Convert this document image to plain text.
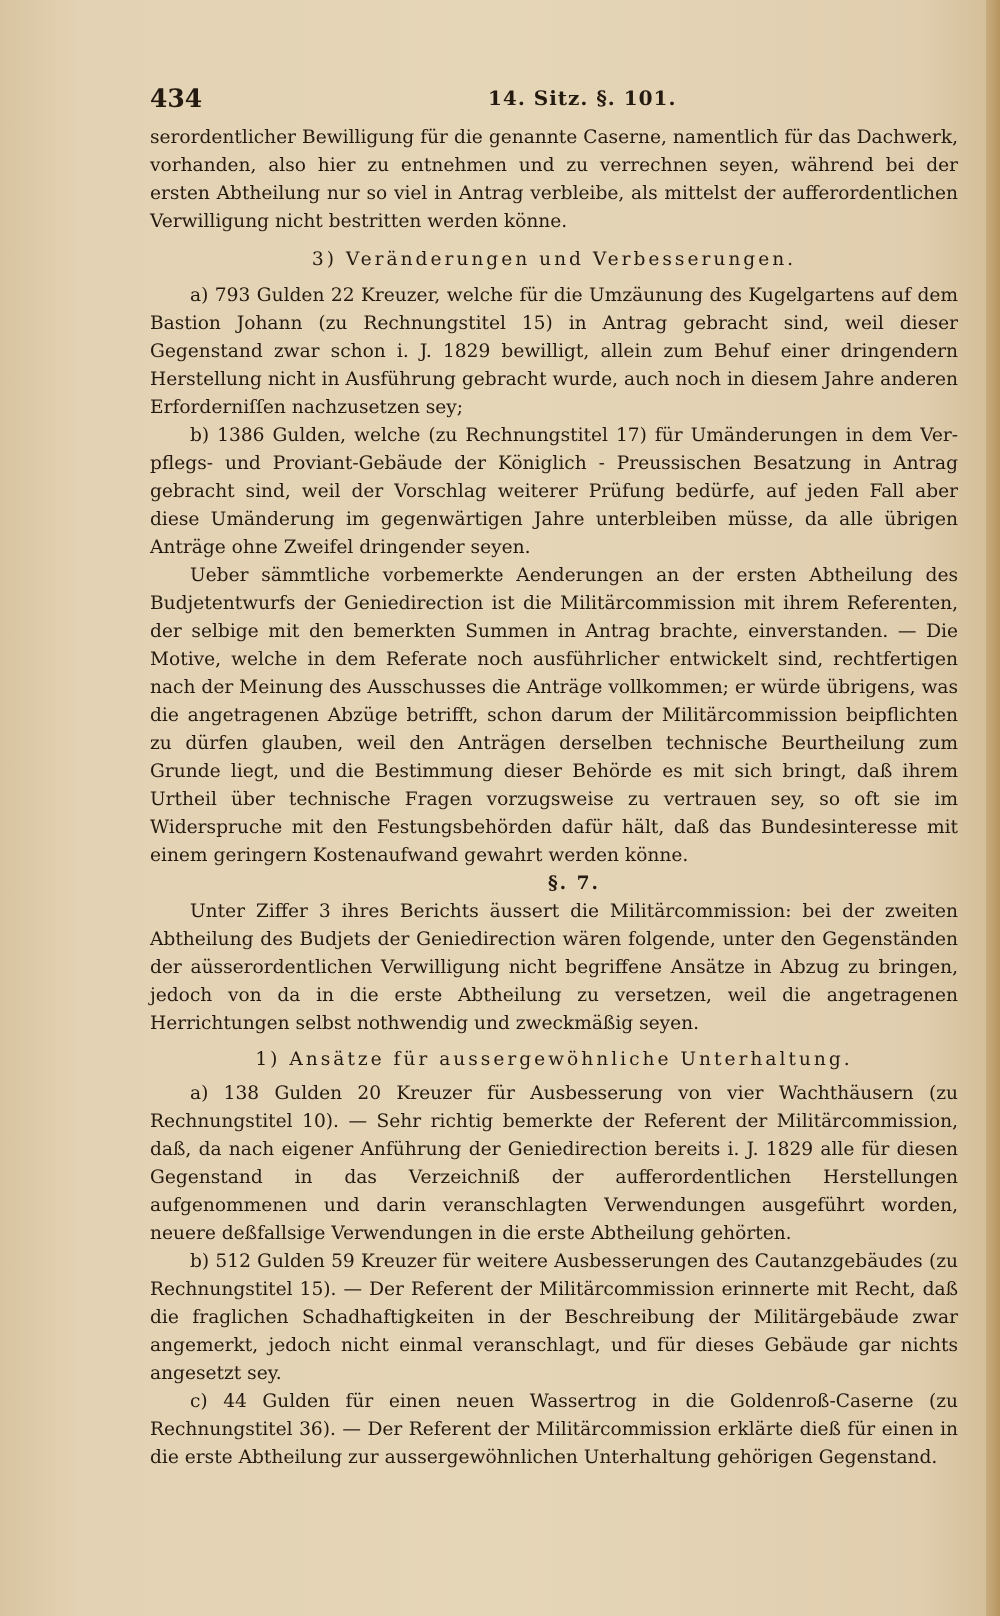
434	14. Sitz. §. 101.

serordentlicher Bewilligung für die genannte Caserne, namentlich für das Dachwerk, vorhanden, also hier zu entnehmen und zu verrechnen seyen, während bei der ersten Abtheilung nur so viel in Antrag verbleibe, als mittelst der aufferordentlichen Verwilligung nicht bestritten werden könne.

3) Veränderungen und Verbesserungen.

a) 793 Gulden 22 Kreuzer, welche für die Umzäunung des Kugelgartens auf dem Bastion Johann (zu Rechnungstitel 15) in Antrag gebracht sind, weil dieser Gegenstand zwar schon i. J. 1829 bewilligt, allein zum Behuf einer dringendern Herstellung nicht in Ausführung gebracht wurde, auch noch in diesem Jahre anderen Erforderniſſen nachzusetzen sey;

b) 1386 Gulden, welche (zu Rechnungstitel 17) für Umänderungen in dem Ver- pflegs- und Proviant-Gebäude der Königlich - Preussischen Besatzung in Antrag gebracht sind, weil der Vorschlag weiterer Prüfung bedürfe, auf jeden Fall aber diese Umänderung im gegenwärtigen Jahre unterbleiben müsse, da alle übrigen Anträge ohne Zweifel dringender seyen.

Ueber sämmtliche vorbemerkte Aenderungen an der ersten Abtheilung des Budjetentwurfs der Geniedirection ist die Militärcommission mit ihrem Referenten, der selbige mit den bemerkten Summen in Antrag brachte, einverstanden. — Die Motive, welche in dem Referate noch ausführlicher entwickelt sind, rechtfertigen nach der Meinung des Ausschusses die Anträge vollkommen; er würde übrigens, was die angetragenen Abzüge betrifft, schon darum der Militärcommission beipflichten zu dürfen glauben, weil den Anträgen derselben technische Beurtheilung zum Grunde liegt, und die Bestimmung dieser Behörde es mit sich bringt, daß ihrem Urtheil über technische Fragen vorzugsweise zu vertrauen sey, so oft sie im Widerspruche mit den Festungsbehörden dafür hält, daß das Bundesinteresse mit einem geringern Kostenaufwand gewahrt werden könne.

§. 7.

Unter Ziffer 3 ihres Berichts äussert die Militärcommission: bei der zweiten Abtheilung des Budjets der Geniedirection wären folgende, unter den Gegenständen der aüsserordentlichen Verwilligung nicht begriffene Ansätze in Abzug zu bringen, jedoch von da in die erste Abtheilung zu versetzen, weil die angetragenen Herrichtungen selbst nothwendig und zweckmäßig seyen.

1) Ansätze für aussergewöhnliche Unterhaltung.

a) 138 Gulden 20 Kreuzer für Ausbesserung von vier Wachthäusern (zu Rechnungstitel 10). — Sehr richtig bemerkte der Referent der Militärcommission, daß, da nach eigener Anführung der Geniedirection bereits i. J. 1829 alle für diesen Gegenstand in das Verzeichniß der aufferordentlichen Herstellungen aufgenommenen und darin veranschlagten Verwendungen ausgeführt worden, neuere deßfallsige Verwendungen in die erste Abtheilung gehörten.

b) 512 Gulden 59 Kreuzer für weitere Ausbesserungen des Cautanzgebäudes (zu Rechnungstitel 15). — Der Referent der Militärcommission erinnerte mit Recht, daß die fraglichen Schadhaftigkeiten in der Beschreibung der Militärgebäude zwar angemerkt, jedoch nicht einmal veranschlagt, und für dieses Gebäude gar nichts angesetzt sey.

c) 44 Gulden für einen neuen Wassertrog in die Goldenroß-Caserne (zu Rechnungstitel 36). — Der Referent der Militärcommission erklärte dieß für einen in die erste Abtheilung zur aussergewöhnlichen Unterhaltung gehörigen Gegenstand.
